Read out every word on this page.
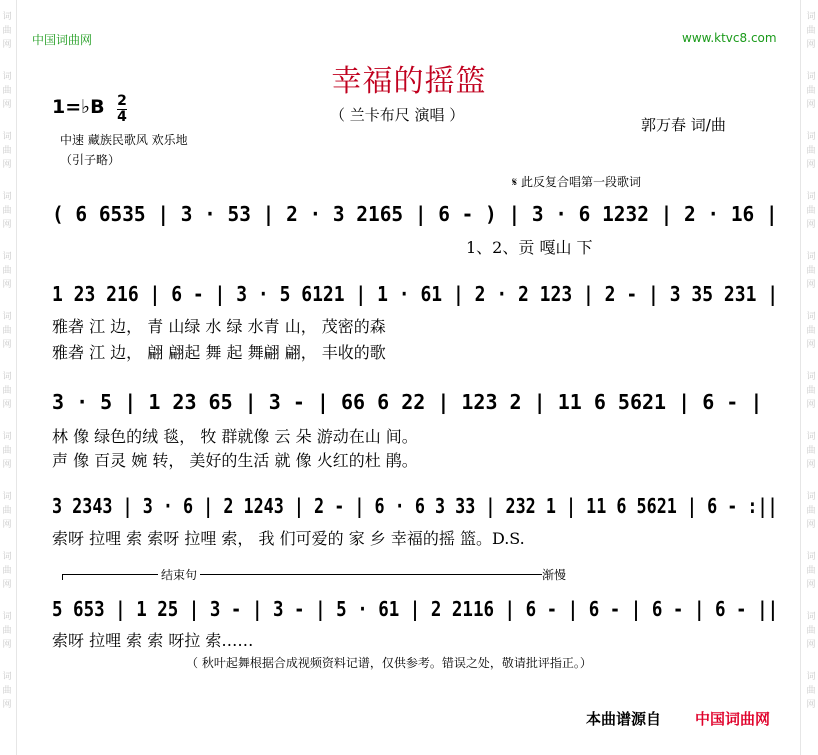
词曲网
词曲网
词曲网
词曲网
词曲网
词曲网
词曲网
词曲网
词曲网
词曲网
词曲网
词曲网
词曲网
词曲网
词曲网
词曲网
词曲网
词曲网
词曲网
词曲网
词曲网
词曲网
词曲网
词曲网
中国词曲网	www.ktvc8.com
幸福的摇篮
（ 兰卡布尺 演唱 ）
1=♭B 2
4
中速 藏族民歌风 欢乐地
（引子略）
郭万春 词/曲
𝄋 此反复合唱第一段歌词
( 6 6535 | 3 · 53 | 2 · 3 2165 | 6 - ) | 3 · 6 1232 | 2 · 16 |
1、2、贡 嘎山 下
1 23 216 | 6 - | 3 · 5 6121 | 1 · 61 | 2 · 2 123 | 2 - | 3 35 231 |
雅砻 江 边， 青 山绿 水 绿 水青 山， 茂密的森
雅砻 江 边， 翩 翩起 舞 起 舞翩 翩， 丰收的歌
3 · 5 | 1 23 65 | 3 - | 66 6 22 | 123 2 | 11 6 5621 | 6 - |
林 像 绿色的绒 毯， 牧 群就像 云 朵 游动在山 间。
声 像 百灵 婉 转， 美好的生活 就 像 火红的杜 鹃。
3 2343 | 3 · 6 | 2 1243 | 2 - | 6 · 6 3 33 | 232 1 | 11 6 5621 | 6 - :||
索呀 拉哩 索 索呀 拉哩 索， 我 们可爱的 家 乡 幸福的摇 篮。D.S.
结束句	渐慢
5 653 | 1 25 | 3 - | 3 - | 5 · 61 | 2 2116 | 6 - | 6 - | 6 - | 6 - ||
索呀 拉哩 索 索 呀拉 索……
（ 秋叶起舞根据合成视频资料记谱，仅供参考。错误之处，敬请批评指正。）
本曲谱源自 中国词曲网
